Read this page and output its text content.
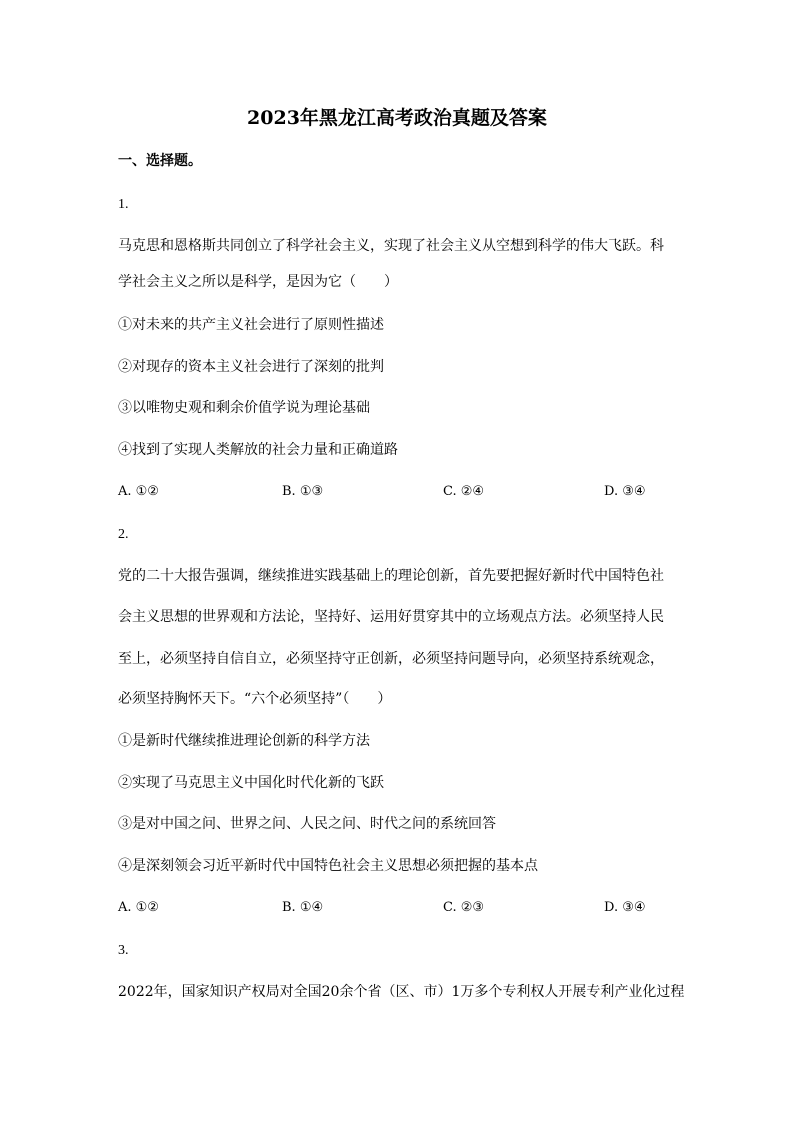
2023年黑龙江高考政治真题及答案
一、选择题。
1.
马克思和恩格斯共同创立了科学社会主义，实现了社会主义从空想到科学的伟大飞跃。科
学社会主义之所以是科学，是因为它（　　）
①对未来的共产主义社会进行了原则性描述
②对现存的资本主义社会进行了深刻的批判
③以唯物史观和剩余价值学说为理论基础
④找到了实现人类解放的社会力量和正确道路
A. ①②	B. ①③	C. ②④	D. ③④
2.
党的二十大报告强调，继续推进实践基础上的理论创新，首先要把握好新时代中国特色社
会主义思想的世界观和方法论，坚持好、运用好贯穿其中的立场观点方法。必须坚持人民
至上，必须坚持自信自立，必须坚持守正创新，必须坚持问题导向，必须坚持系统观念，
必须坚持胸怀天下。“六个必须坚持”（　　）
①是新时代继续推进理论创新的科学方法
②实现了马克思主义中国化时代化新的飞跃
③是对中国之问、世界之问、人民之问、时代之问的系统回答
④是深刻领会习近平新时代中国特色社会主义思想必须把握的基本点
A. ①②	B. ①④	C. ②③	D. ③④
3.
2022年，国家知识产权局对全国20余个省（区、市）1万多个专利权人开展专利产业化过程
